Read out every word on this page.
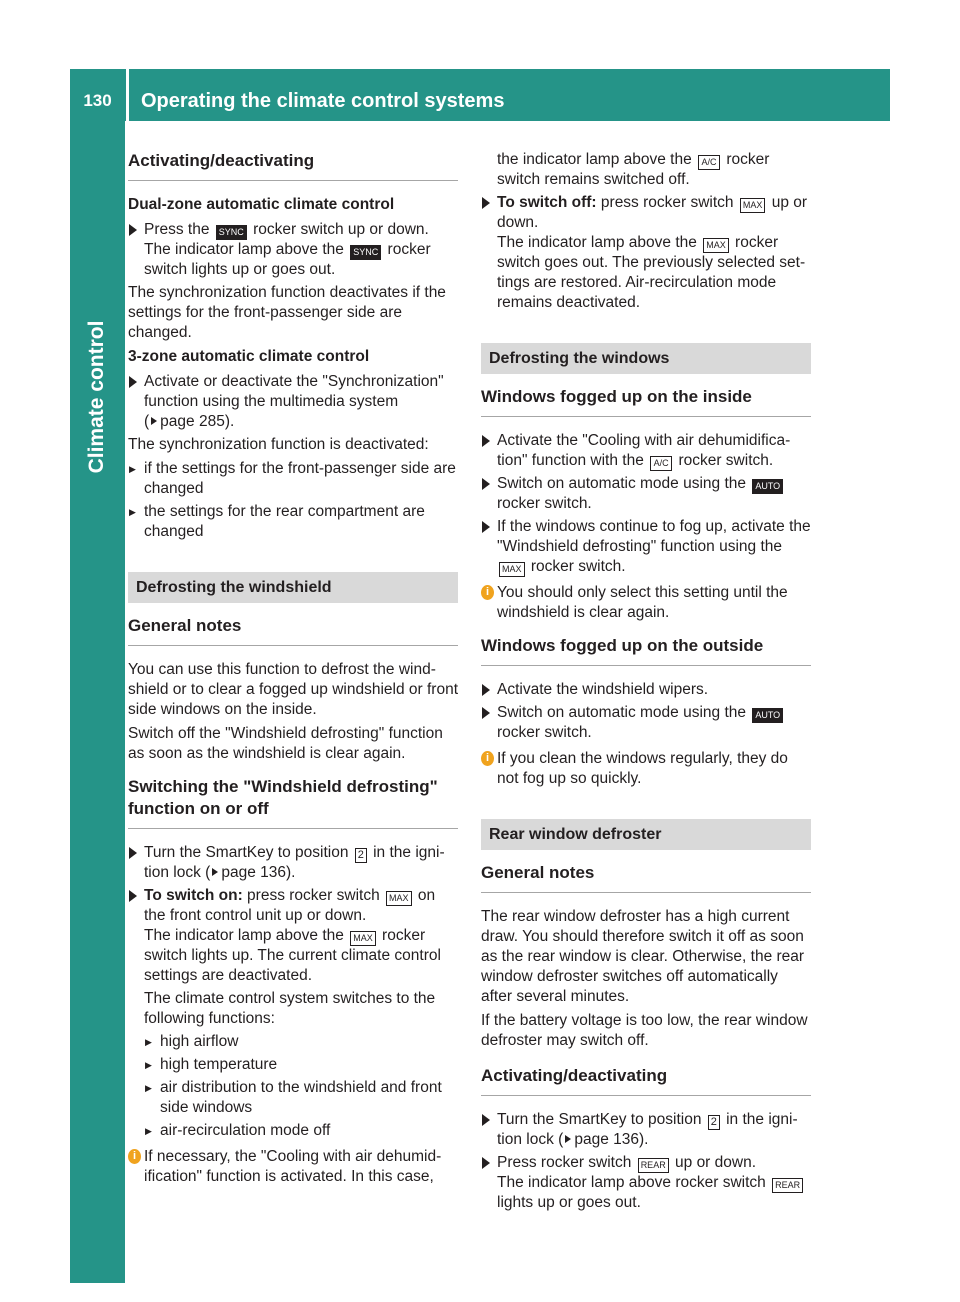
130	Operating the climate control systems
Climate control
Activating/deactivating
Dual-zone automatic climate control
Press the SYNC rocker switch up or down.
The indicator lamp above the SYNC rocker switch lights up or goes out.

The synchronization function deactivates if the settings for the front-passenger side are changed.

3-zone automatic climate control
Activate or deactivate the "Synchronization" function using the multimedia system
( page 285).

The synchronization function is deactivated:

▶ if the settings for the front-passenger side are changed
▶ the settings for the rear compartment are changed
Defrosting the windshield
General notes

You can use this function to defrost the wind-shield or to clear a fogged up windshield or front side windows on the inside.

Switch off the "Windshield defrosting" function as soon as the windshield is clear again.

Switching the "Windshield defrosting" function on or off
Turn the SmartKey to position 2 in the igni-tion lock ( page 136).
To switch on: press rocker switch MAX on the front control unit up or down.
The indicator lamp above the MAX rocker switch lights up. The current climate control settings are deactivated.
The climate control system switches to the following functions:
▶ high airflow
▶ high temperature
▶ air distribution to the windshield and front side windows
▶ air-recirculation mode off
i If necessary, the "Cooling with air dehumid-ification" function is activated. In this case,
the indicator lamp above the A/C rocker switch remains switched off.
To switch off: press rocker switch MAX up or down.
The indicator lamp above the MAX rocker switch goes out. The previously selected set-tings are restored. Air-recirculation mode remains deactivated.
Defrosting the windows
Windows fogged up on the inside
Activate the "Cooling with air dehumidifica-tion" function with the A/C rocker switch.
Switch on automatic mode using the AUTO rocker switch.
If the windows continue to fog up, activate the "Windshield defrosting" function using the
MAX rocker switch.
i You should only select this setting until the windshield is clear again.
Windows fogged up on the outside
Activate the windshield wipers.
Switch on automatic mode using the AUTO rocker switch.
i If you clean the windows regularly, they do not fog up so quickly.
Rear window defroster
General notes

The rear window defroster has a high current draw. You should therefore switch it off as soon as the rear window is clear. Otherwise, the rear window defroster switches off automatically after several minutes.

If the battery voltage is too low, the rear window defroster may switch off.

Activating/deactivating
Turn the SmartKey to position 2 in the igni-tion lock ( page 136).
Press rocker switch REAR up or down.
The indicator lamp above rocker switch REAR lights up or goes out.
